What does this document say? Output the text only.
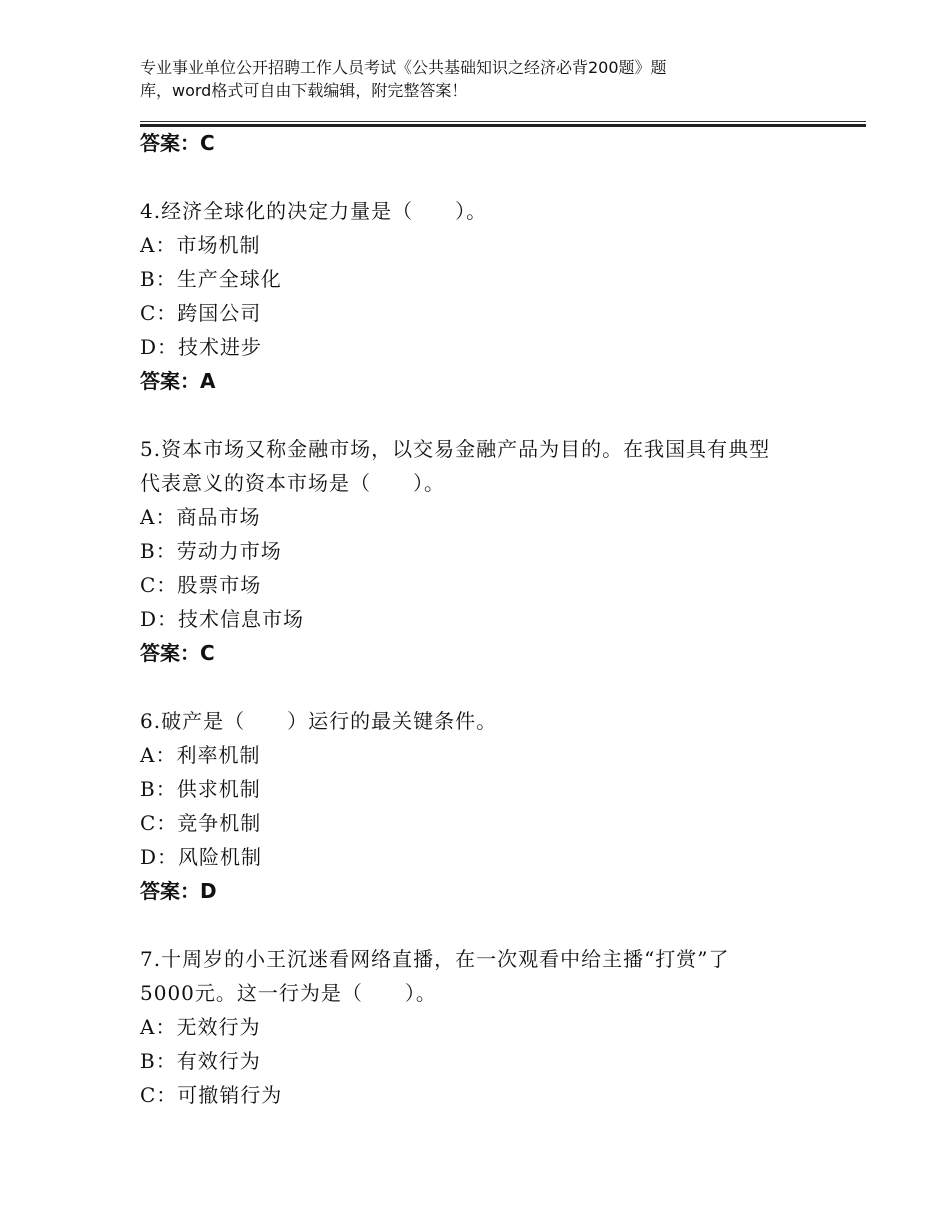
专业事业单位公开招聘工作人员考试《公共基础知识之经济必背200题》题
库，word格式可自由下载编辑，附完整答案！
答案：C
4.经济全球化的决定力量是（　　）。
A：市场机制
B：生产全球化
C：跨国公司
D：技术进步
答案：A
5.资本市场又称金融市场，以交易金融产品为目的。在我国具有典型
代表意义的资本市场是（　　）。
A：商品市场
B：劳动力市场
C：股票市场
D：技术信息市场
答案：C
6.破产是（　　）运行的最关键条件。
A：利率机制
B：供求机制
C：竞争机制
D：风险机制
答案：D
7.十周岁的小王沉迷看网络直播，在一次观看中给主播“打赏”了
5000元。这一行为是（　　）。
A：无效行为
B：有效行为
C：可撤销行为
